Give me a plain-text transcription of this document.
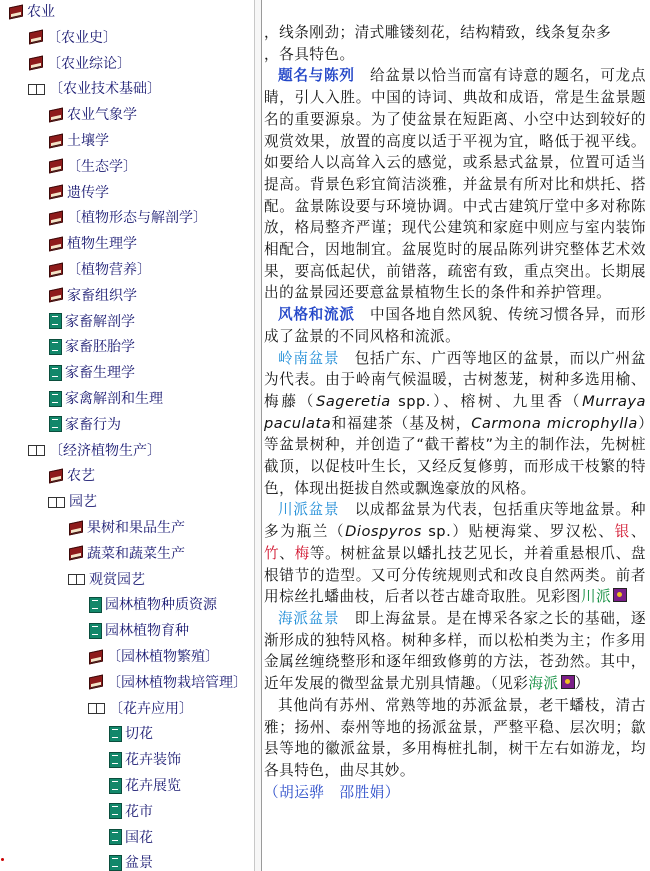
农业
〔农业史〕
〔农业综论〕
〔农业技术基础〕
农业气象学
土壤学
〔生态学〕
遗传学
〔植物形态与解剖学〕
植物生理学
〔植物营养〕
家畜组织学
家畜解剖学
家畜胚胎学
家畜生理学
家禽解剖和生理
家畜行为
〔经济植物生产〕
农艺
园艺
果树和果品生产
蔬菜和蔬菜生产
观赏园艺
园林植物种质资源
园林植物育种
〔园林植物繁殖〕
〔园林植物栽培管理〕
〔花卉应用〕
切花
花卉装饰
花卉展览
花市
国花
盆景

，线条刚劲；清式雕镂刻花，结构精致，线条复杂多
，各具特色。

题名与陈列　给盆景以恰当而富有诗意的题名，可龙点睛，引人入胜。中国的诗词、典故和成语，常是生盆景题名的重要源泉。为了使盆景在短距离、小空中达到较好的观赏效果，放置的高度以适于平视为宜，略低于视平线。如要给人以高耸入云的感觉，或系悬式盆景，位置可适当提高。背景色彩宜简洁淡雅，并盆景有所对比和烘托、搭配。盆景陈设要与环境协调。中式古建筑厅堂中多对称陈放，格局整齐严谨；现代公建筑和家庭中则应与室内装饰相配合，因地制宜。盆展览时的展品陈列讲究整体艺术效果，要高低起伏，前错落，疏密有致，重点突出。长期展出的盆景园还要意盆景植物生长的条件和养护管理。

风格和流派　中国各地自然风貌、传统习惯各异，而形成了盆景的不同风格和流派。

岭南盆景　包括广东、广西等地区的盆景，而以广州盆为代表。由于岭南气候温暖，古树葱茏，树种多选用榆、梅藤（Sageretia spp.）、榕树、九里香（Murraya paculata和福建茶（基及树，Carmona microphylla）等盆景树种，并创造了“截干蓄枝”为主的制作法，先树桩截顶，以促枝叶生长，又经反复修剪，而形成干枝繁的特色，体现出挺拔自然或飘逸豪放的风格。

川派盆景　以成都盆景为代表，包括重庆等地盆景。种多为瓶兰（Diospyros sp.）贴梗海棠、罗汉松、银、竹、梅等。树桩盆景以蟠扎技艺见长，并着重悬根爪、盘根错节的造型。又可分传统规则式和改良自然两类。前者用棕丝扎蟠曲枝，后者以苍古雄奇取胜。见彩图川派

海派盆景　即上海盆景。是在博采各家之长的基础，逐渐形成的独特风格。树种多样，而以松柏类为主；作多用金属丝缠绕整形和逐年细致修剪的方法，苍劲然。其中，近年发展的微型盆景尤别具情趣。（见彩海派 ）

其他尚有苏州、常熟等地的苏派盆景，老干蟠枝，清古雅；扬州、泰州等地的扬派盆景，严整平稳、层次明；歙县等地的徽派盆景，多用梅桩扎制，树干左右如游龙，均各具特色，曲尽其妙。

（胡运骅　邵胜娟）
